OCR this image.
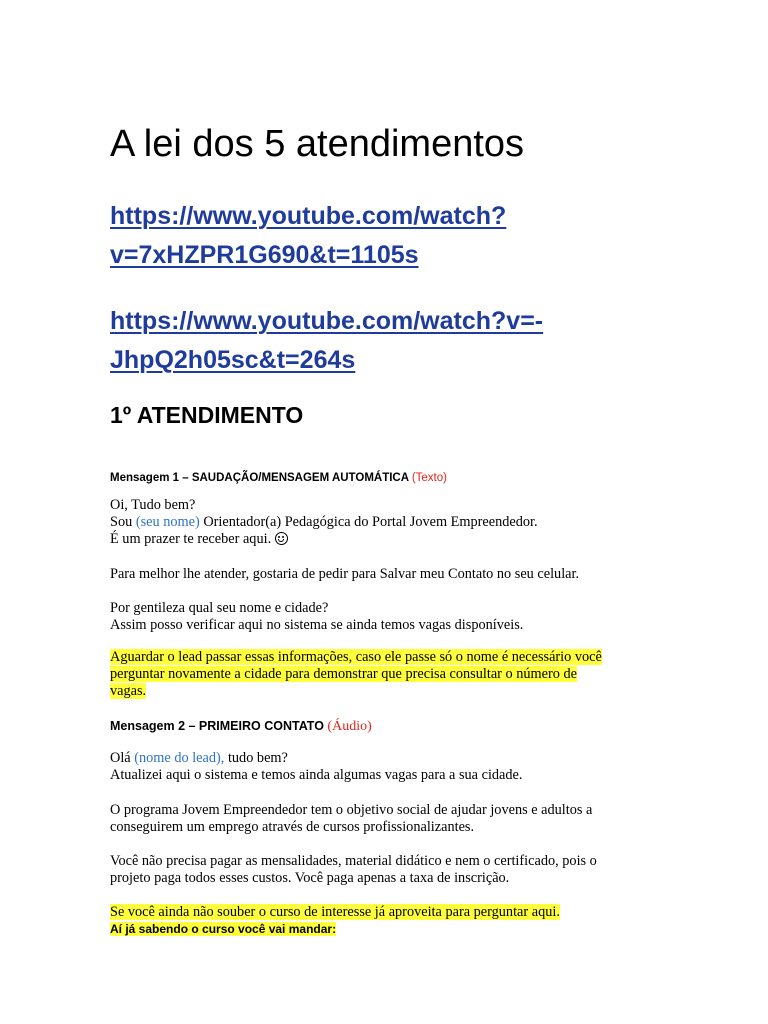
A lei dos 5 atendimentos
https://www.youtube.com/watch?
v=7xHZPR1G690&t=1105s
https://www.youtube.com/watch?v=-
JhpQ2h05sc&t=264s
1º ATENDIMENTO
Mensagem 1 – SAUDAÇÃO/MENSAGEM AUTOMÁTICA (Texto)
Oi, Tudo bem?
Sou (seu nome) Orientador(a) Pedagógica do Portal Jovem Empreendedor.
É um prazer te receber aqui.
Para melhor lhe atender, gostaria de pedir para Salvar meu Contato no seu celular.
Por gentileza qual seu nome e cidade?
Assim posso verificar aqui no sistema se ainda temos vagas disponíveis.
Aguardar o lead passar essas informações, caso ele passe só o nome é necessário você
perguntar novamente a cidade para demonstrar que precisa consultar o número de
vagas.
Mensagem 2 – PRIMEIRO CONTATO (Áudio)
Olá (nome do lead), tudo bem?
Atualizei aqui o sistema e temos ainda algumas vagas para a sua cidade.
O programa Jovem Empreendedor tem o objetivo social de ajudar jovens e adultos a
conseguirem um emprego através de cursos profissionalizantes.
Você não precisa pagar as mensalidades, material didático e nem o certificado, pois o
projeto paga todos esses custos. Você paga apenas a taxa de inscrição.
Se você ainda não souber o curso de interesse já aproveita para perguntar aqui.
Aí já sabendo o curso você vai mandar:
